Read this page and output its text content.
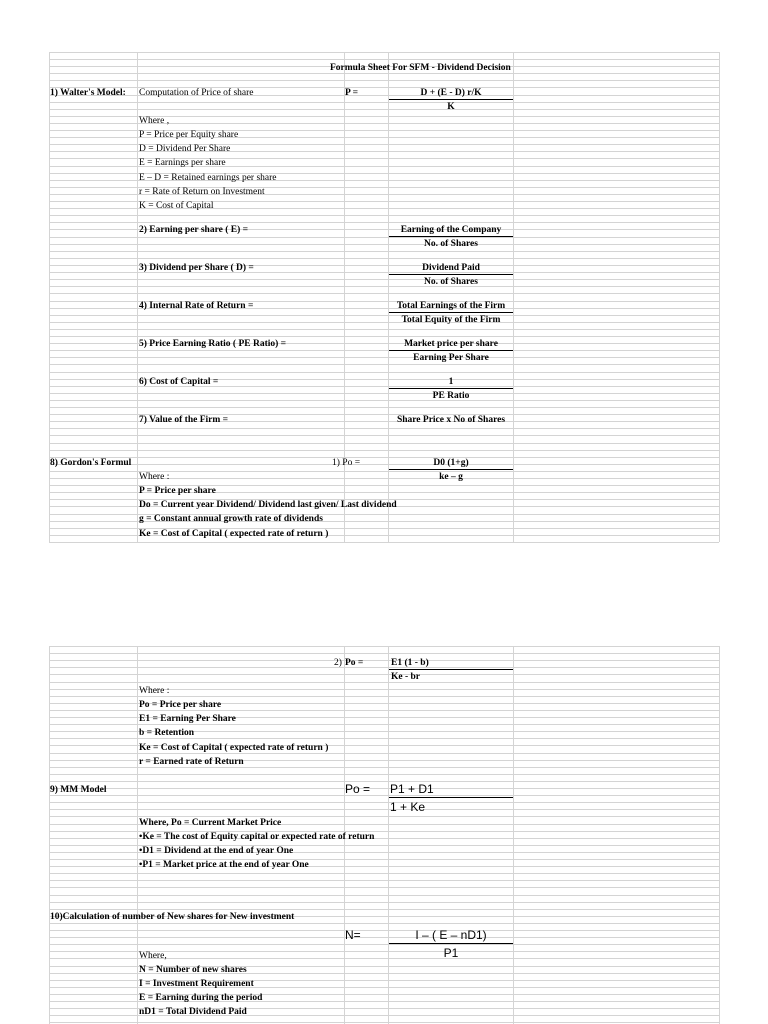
Formula Sheet For SFM - Dividend Decision
1) Walter's Model: Computation of Price of share	P =	D + (E - D) r/K
K
Where ,
P = Price per Equity share
D = Dividend Per Share
E = Earnings per share
E – D = Retained earnings per share
r = Rate of Return on Investment
K = Cost of Capital
2) Earning per share ( E) =	Earning of the Company
No. of Shares
3) Dividend per Share ( D) =	Dividend Paid
No. of Shares
4) Internal Rate of Return =	Total Earnings of the Firm
Total Equity of the Firm
5) Price Earning Ratio ( PE Ratio) =	Market price per share
Earning Per Share
6) Cost of Capital =	1
PE Ratio
7) Value of the Firm =	Share Price x No of Shares
8) Gordon's Formul	1) Po =	D0 (1+g)
ke – g
Where :
P = Price per share
Do = Current year Dividend/ Dividend last given/ Last dividend
g = Constant annual growth rate of dividends
Ke = Cost of Capital ( expected rate of return )
2) Po =	E1 (1 - b)
Ke - br
Where :
Po = Price per share
E1 = Earning Per Share
b = Retention
Ke = Cost of Capital ( expected rate of return )
r = Earned rate of Return
9) MM Model	Po = P1 + D1
1 + Ke
Where, Po = Current Market Price
•Ke = The cost of Equity capital or expected rate of return
•D1 = Dividend at the end of year One
•P1 = Market price at the end of year One
10)Calculation of number of New shares for New investment
N=	I – ( E – nD1)
P1
Where,
N = Number of new shares
I = Investment Requirement
E = Earning during the period
nD1 = Total Dividend Paid
